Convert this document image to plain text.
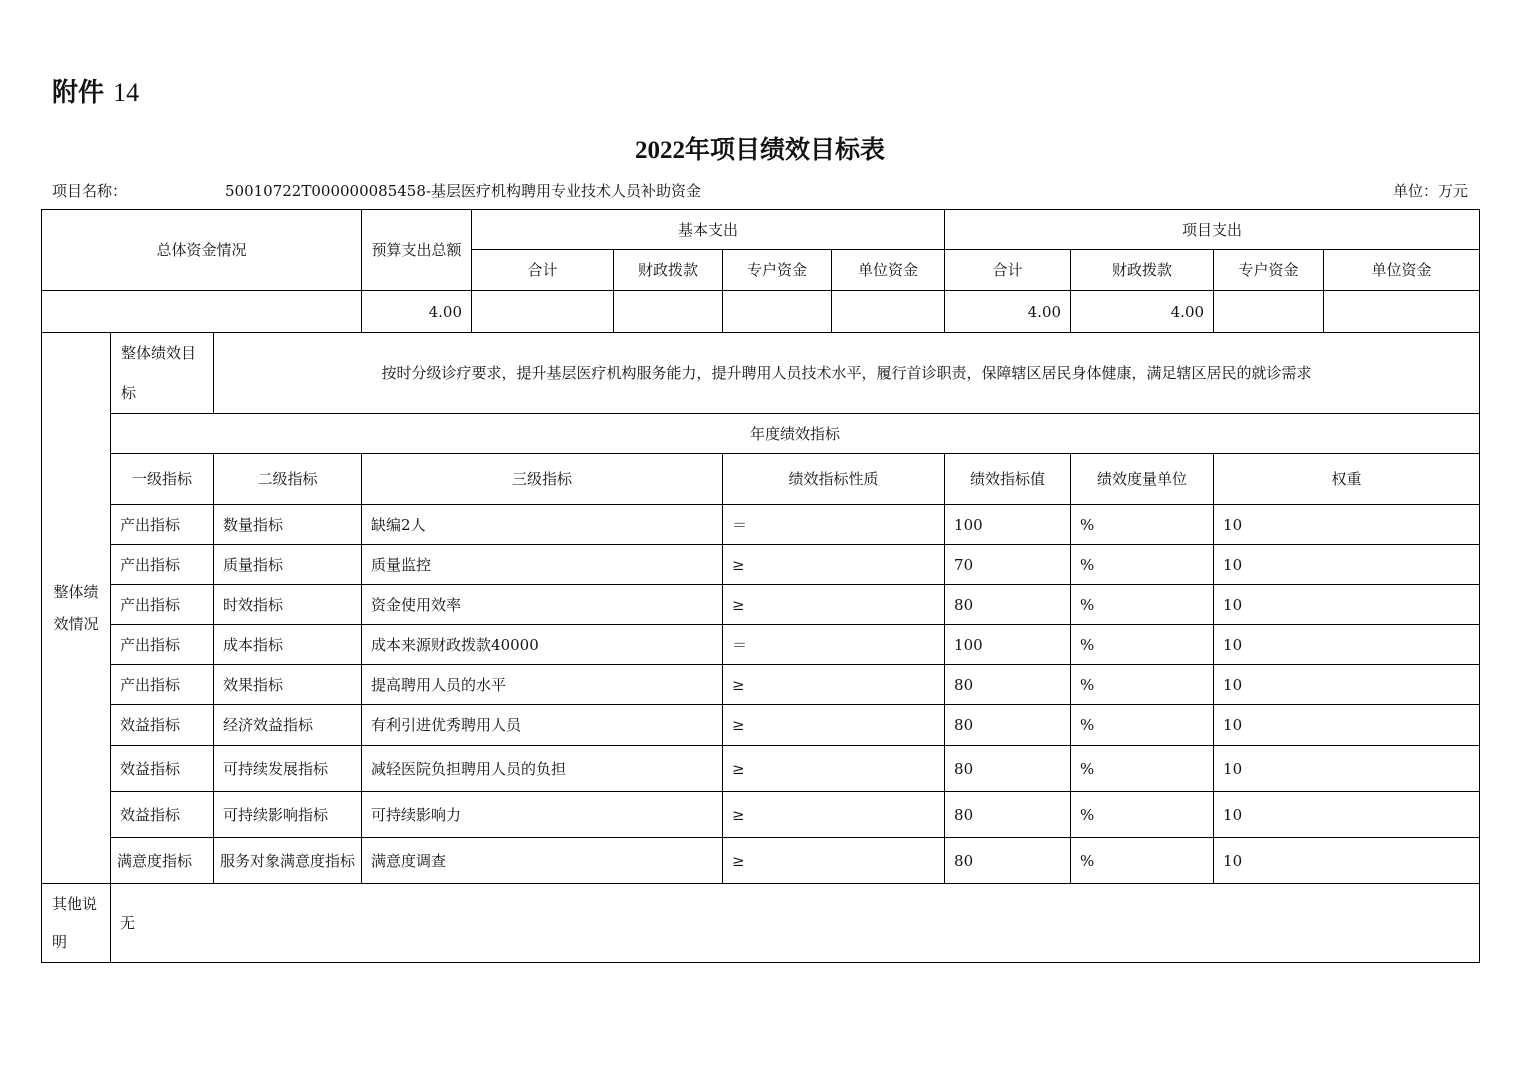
附件 14
2022年项目绩效目标表
项目名称：	50010722T000000085458-基层医疗机构聘用专业技术人员补助资金	单位：万元
总体资金情况			预算支出总额	基本支出				项目支出			
				合计	财政拨款	专户资金	单位资金	合计	财政拨款	专户资金	单位资金
			4.00					4.00	4.00		
整体绩效情况	整体绩效目标	按时分级诊疗要求，提升基层医疗机构服务能力，提升聘用人员技术水平，履行首诊职责，保障辖区居民身体健康，满足辖区居民的就诊需求									
	年度绩效指标										
	一级指标	二级指标	三级指标			绩效指标性质		绩效指标值	绩效度量单位	权重	
	产出指标	数量指标	缺编2人			＝		100	%	10	
	产出指标	质量指标	质量监控			≥		70	%	10	
	产出指标	时效指标	资金使用效率			≥		80	%	10	
	产出指标	成本指标	成本来源财政拨款40000			＝		100	%	10	
	产出指标	效果指标	提高聘用人员的水平			≥		80	%	10	
	效益指标	经济效益指标	有利引进优秀聘用人员			≥		80	%	10	
	效益指标	可持续发展指标	减轻医院负担聘用人员的负担			≥		80	%	10	
	效益指标	可持续影响指标	可持续影响力			≥		80	%	10	
	满意度指标	服务对象满意度指标	满意度调查			≥		80	%	10	
其他说明	无										
